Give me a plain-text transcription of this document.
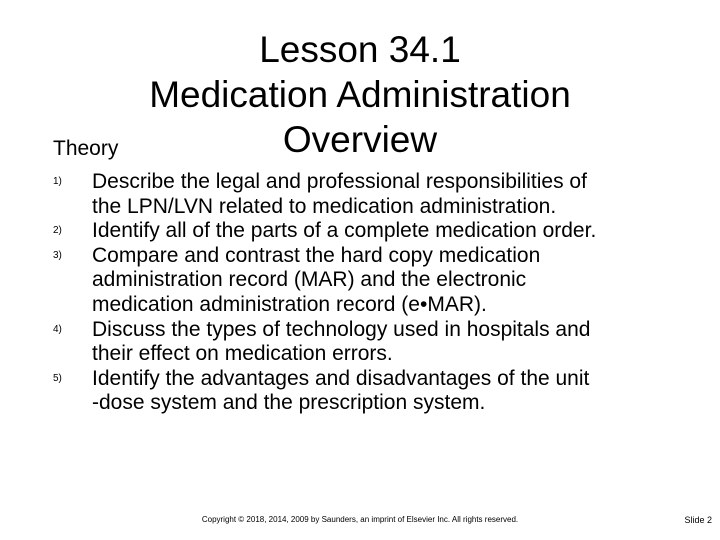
Lesson 34.1
Medication Administration
Overview
Theory
1) Describe the legal and professional responsibilities of
the LPN/LVN related to medication administration.
2) Identify all of the parts of a complete medication order.
3) Compare and contrast the hard copy medication
administration record (MAR) and the electronic
medication administration record (e•MAR).
4) Discuss the types of technology used in hospitals and
their effect on medication errors.
5) Identify the advantages and disadvantages of the unit
-dose system and the prescription system.
Copyright © 2018, 2014, 2009 by Saunders, an imprint of Elsevier Inc. All rights reserved.	Slide 2
